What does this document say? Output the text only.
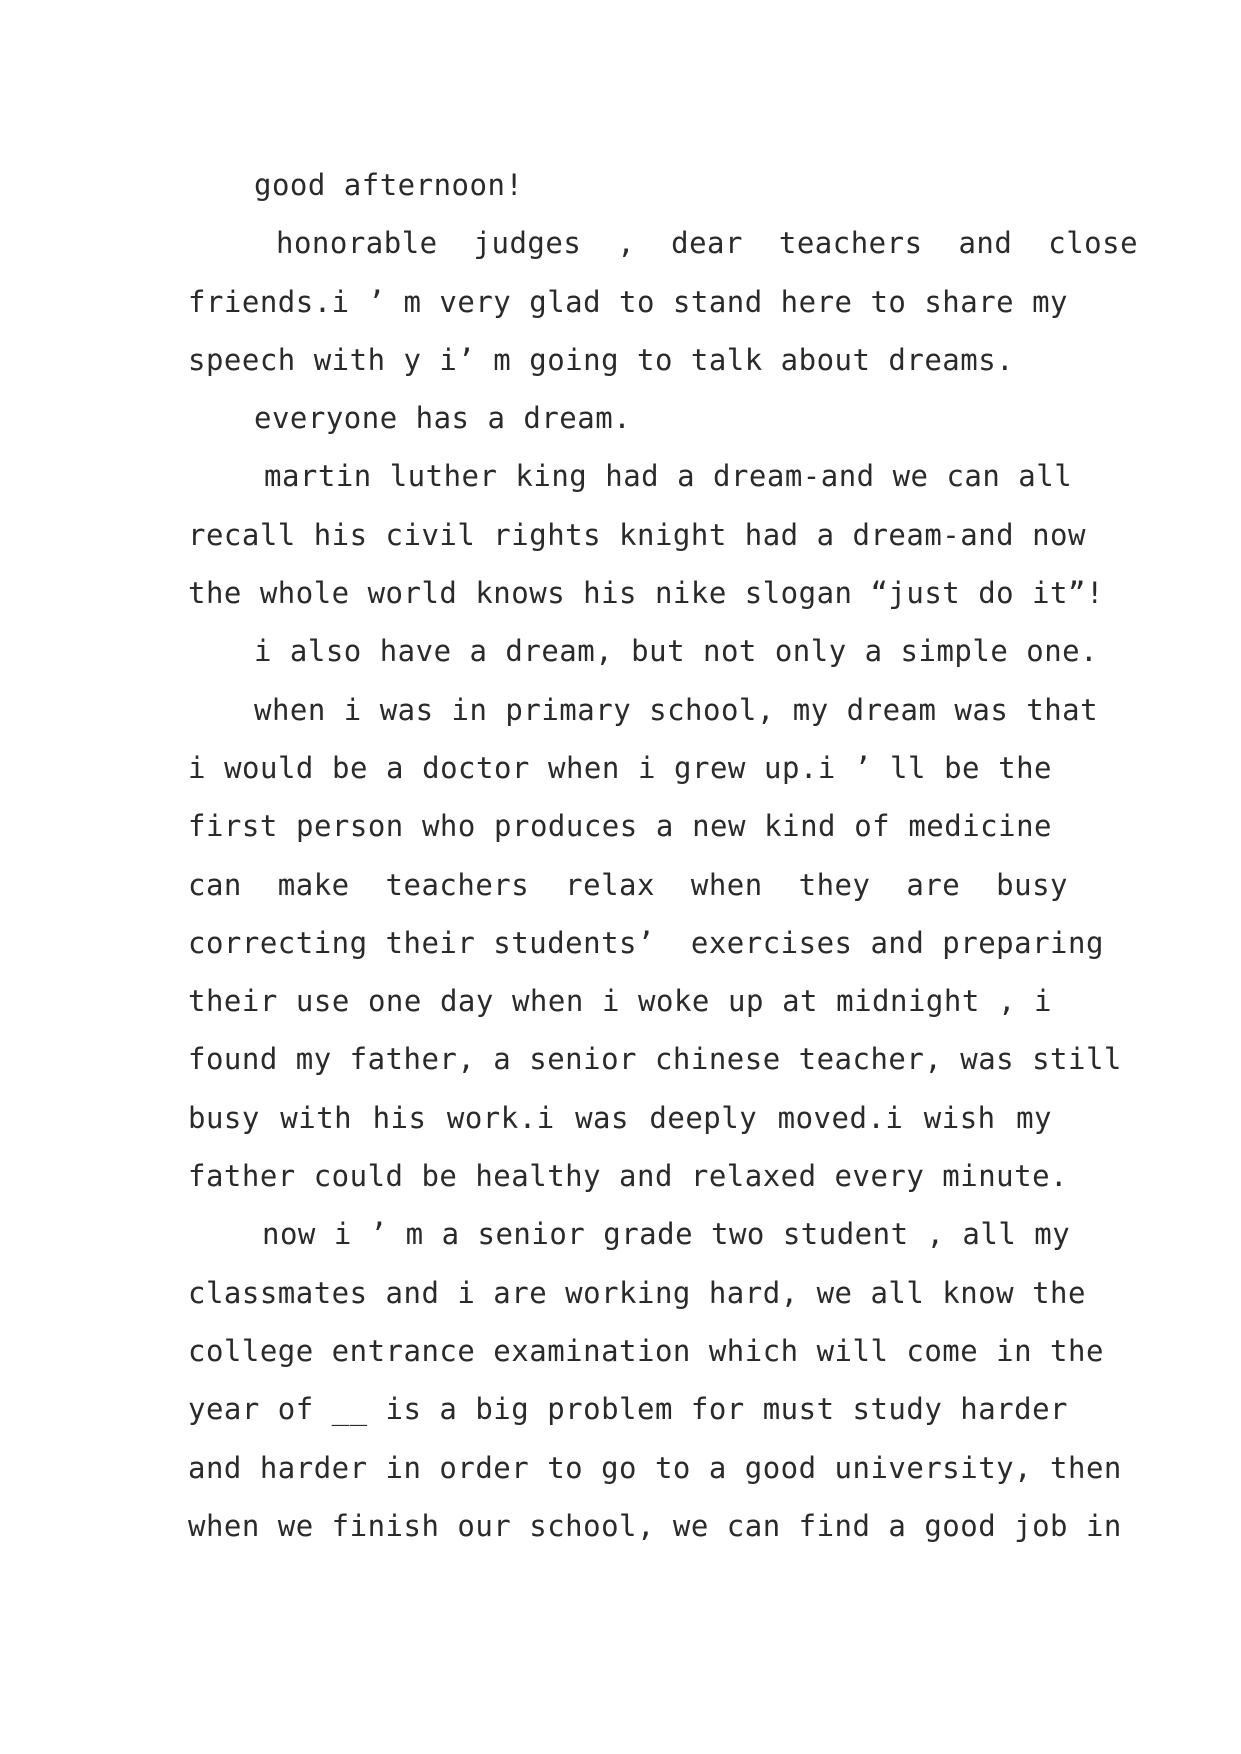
good afternoon!
honorable  judges  ,  dear  teachers  and  close
friends.i ’ m very glad to stand here to share my
speech with y i’ m going to talk about dreams.
everyone has a dream.
martin luther king had a dream-and we can all
recall his civil rights knight had a dream-and now
the whole world knows his nike slogan “just do it”!
i also have a dream, but not only a simple one.
when i was in primary school, my dream was that
i would be a doctor when i grew up.i ’ ll be the
first person who produces a new kind of medicine
can  make  teachers  relax  when  they  are  busy
correcting their students’  exercises and preparing
their use one day when i woke up at midnight , i
found my father, a senior chinese teacher, was still
busy with his work.i was deeply moved.i wish my
father could be healthy and relaxed every minute.
now i ’ m a senior grade two student , all my
classmates and i are working hard, we all know the
college entrance examination which will come in the
year of __ is a big problem for must study harder
and harder in order to go to a good university, then
when we finish our school, we can find a good job in
